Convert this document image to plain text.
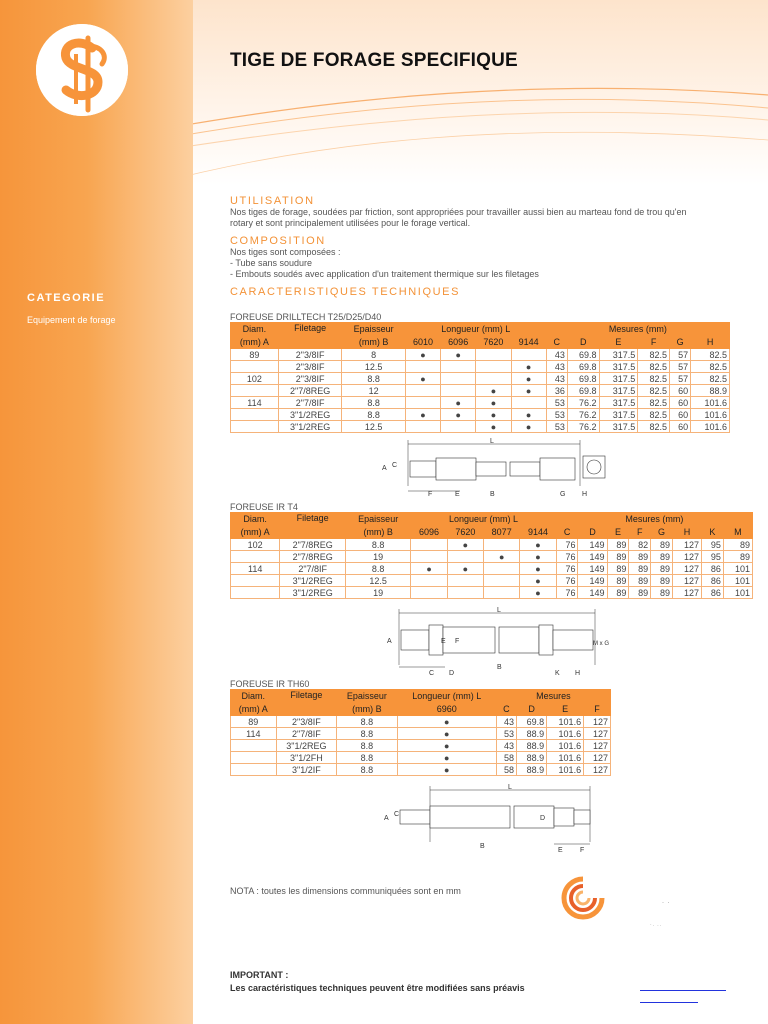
TIGE DE FORAGE SPECIFIQUE
CATEGORIE
Equipement de forage

UTILISATION

Nos tiges de forage, soudées par friction, sont appropriées pour travailler aussi bien au marteau fond de trou qu'en

rotary et sont principalement utilisées pour le forage vertical.

COMPOSITION

Nos tiges sont composées :

- Tube sans soudure

- Embouts soudés avec application d'un traitement thermique sur les filetages

CARACTERISTIQUES TECHNIQUES

FOREUSE DRILLTECH T25/D25/D40

Diam.	Filetage	Epaisseur	Longueur (mm) L				Mesures (mm)					
(mm) A		(mm) B	6010	6096	7620	9144	C	D	E	F	G	H
89	2"3/8IF	8	●	●			43	69.8	317.5	82.5	57	82.5
	2"3/8IF	12.5				●	43	69.8	317.5	82.5	57	82.5
102	2"3/8IF	8.8	●			●	43	69.8	317.5	82.5	57	82.5
	2"7/8REG	12			●	●	36	69.8	317.5	82.5	60	88.9
114	2"7/8IF	8.8		●	●		53	76.2	317.5	82.5	60	101.6
	3"1/2REG	8.8	●	●	●	●	53	76.2	317.5	82.5	60	101.6
	3"1/2REG	12.5			●	●	53	76.2	317.5	82.5	60	101.6
L
A C
F	E	B	G H

FOREUSE IR T4

Diam.	Filetage	Epaisseur	Longueur (mm) L				Mesures (mm)							
(mm) A		(mm) B	6096	7620	8077	9144	C	D	E	F	G	H	K	M
102	2"7/8REG	8.8		●		●	76	149	89	82	89	127	95	89
	2"7/8REG	19			●	●	76	149	89	89	89	127	95	89
114	2"7/8IF	8.8	●	●		●	76	149	89	89	89	127	86	101
	3"1/2REG	12.5				●	76	149	89	89	89	127	86	101
	3"1/2REG	19				●	76	149	89	89	89	127	86	101
L
A
C D
E F
B
K H
M x G

FOREUSE IR TH60

Diam.	Filetage	Epaisseur	Longueur (mm) L	Mesures			
(mm) A		(mm) B	6960	C	D	E	F
89	2"3/8IF	8.8	●	43	69.8	101.6	127
114	2"7/8IF	8.8	●	53	88.9	101.6	127
	3"1/2REG	8.8	●	43	88.9	101.6	127
	3"1/2FH	8.8	●	58	88.9	101.6	127
	3"1/2IF	8.8	●	58	88.9	101.6	127
L
A
C
B
D
E F
NOTA : toutes les dimensions communiquées sont en mm
·  ·
· .  . .
IMPORTANT :
Les caractéristiques techniques peuvent être modifiées sans préavis
